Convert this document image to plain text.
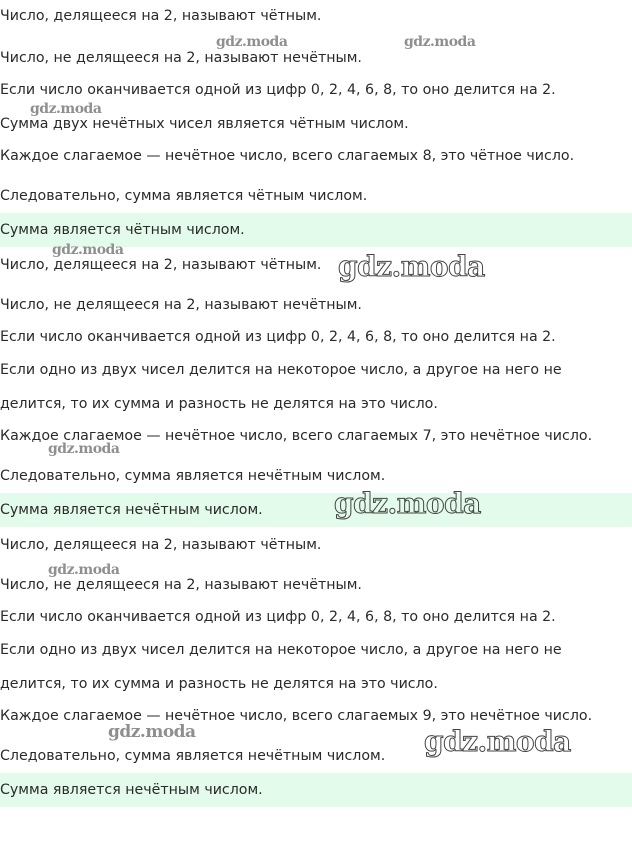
Число, делящееся на 2, называют чётным.
Число, не делящееся на 2, называют нечётным.
Если число оканчивается одной из цифр 0, 2, 4, 6, 8, то оно делится на 2.
Сумма двух нечётных чисел является чётным числом.
Каждое слагаемое — нечётное число, всего слагаемых 8, это чётное число.
Следовательно, сумма является чётным числом.
Сумма является чётным числом.
Число, делящееся на 2, называют чётным.
Число, не делящееся на 2, называют нечётным.
Если число оканчивается одной из цифр 0, 2, 4, 6, 8, то оно делится на 2.
Если одно из двух чисел делится на некоторое число, а другое на него не
делится, то их сумма и разность не делятся на это число.
Каждое слагаемое — нечётное число, всего слагаемых 7, это нечётное число.
Следовательно, сумма является нечётным числом.
Сумма является нечётным числом.
Число, делящееся на 2, называют чётным.
Число, не делящееся на 2, называют нечётным.
Если число оканчивается одной из цифр 0, 2, 4, 6, 8, то оно делится на 2.
Если одно из двух чисел делится на некоторое число, а другое на него не
делится, то их сумма и разность не делятся на это число.
Каждое слагаемое — нечётное число, всего слагаемых 9, это нечётное число.
Следовательно, сумма является нечётным числом.
Сумма является нечётным числом.
gdz.moda	gdz.moda
gdz.moda
gdz.moda	gdz.moda
gdz.moda
gdz.moda
gdz.moda
gdz.moda	gdz.moda
